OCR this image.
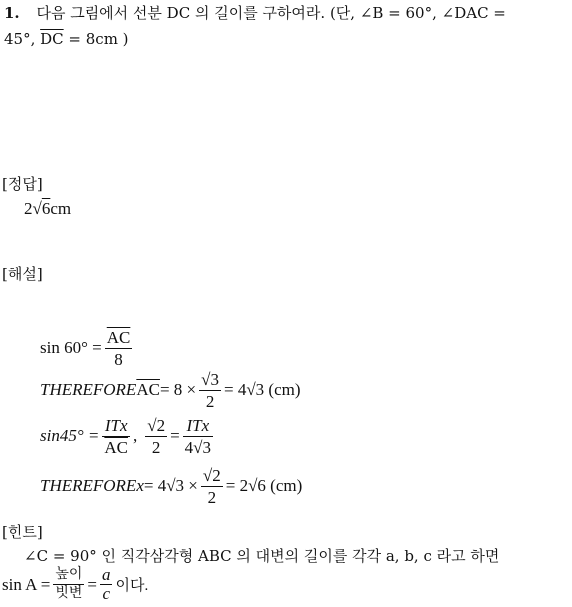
1. 다음 그림에서 선분 DC 의 길이를 구하여라. (단, ∠B = 60°, ∠DAC =
45°, $\overline{DC} = 8cm$ )
[정답]
2√6cm
[해설]
$\sin 60^\circ = \frac{\overline{AC}}{8}$
THEREFORE $\overline{AC} = 8 \times \frac{√3}{2} = 4√3$ (cm)
$\sin 45^\circ = \frac{\text{ITx}}{AC}$ , $\frac{√2}{2} = \frac{\text{ITx}}{4√3}$
THEREFORE $x = 4√3 \times \frac{√2}{2} = 2√6$ (cm)
[힌트]
∠C = 90° 인 직각삼각형 ABC 의 대변의 길이를 각각 a, b, c 라고 하면
$\sin A = \frac{\text{높이}}{\text{빗변}} = \frac{a}{c}$ 이다.
